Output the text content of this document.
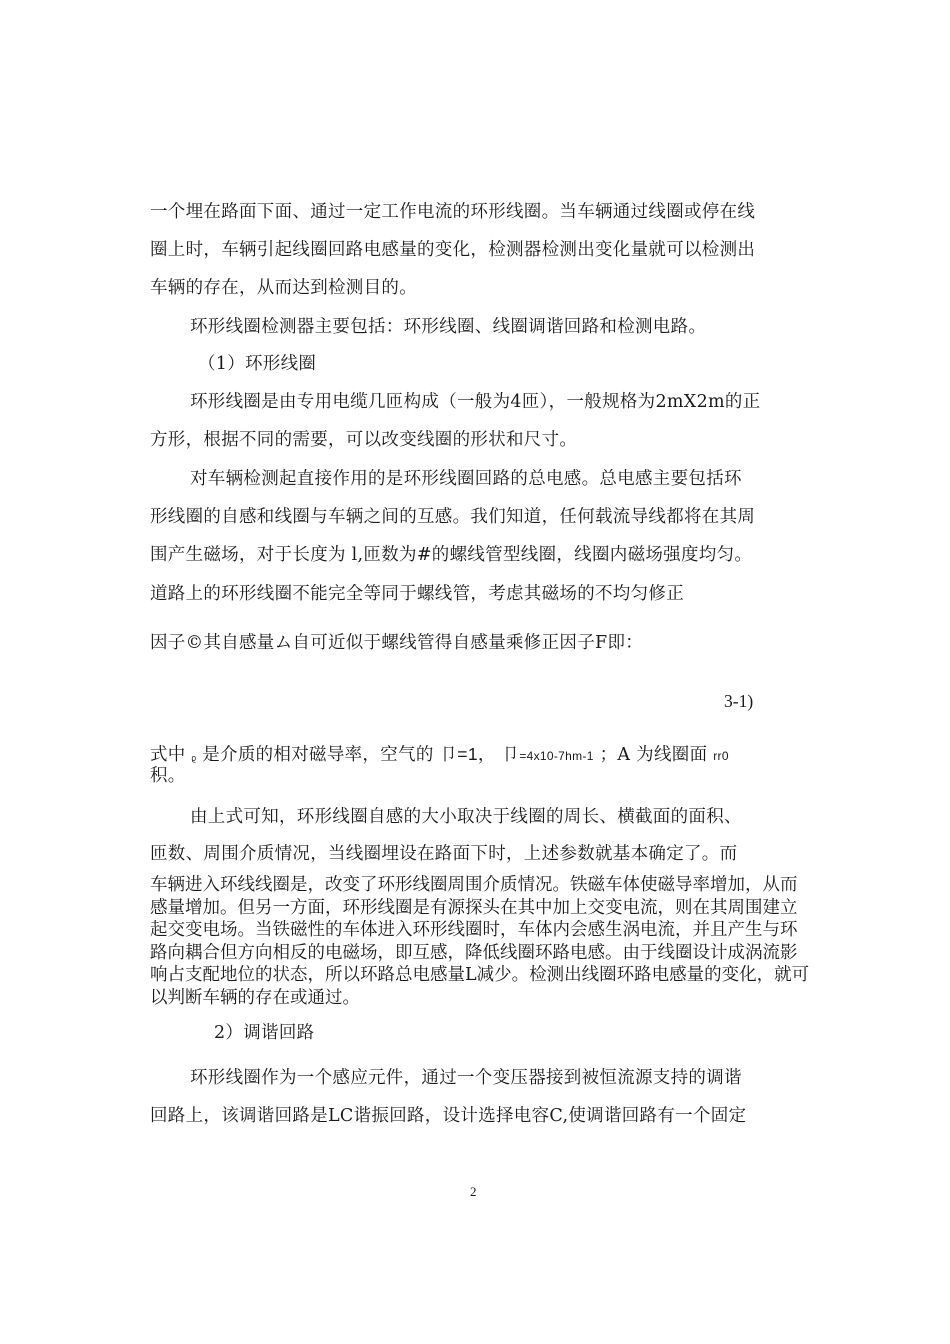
一个埋在路面下面、通过一定工作电流的环形线圈。当车辆通过线圈或停在线
圈上时，车辆引起线圈回路电感量的变化，检测器检测出变化量就可以检测出
车辆的存在，从而达到检测目的。
环形线圈检测器主要包括：环形线圈、线圈调谐回路和检测电路。
（1）环形线圈
环形线圈是由专用电缆几匝构成（一般为4匝），一般规格为2mX2m的正
方形，根据不同的需要，可以改变线圈的形状和尺寸。
对车辆检测起直接作用的是环形线圈回路的总电感。总电感主要包括环
形线圈的自感和线圈与车辆之间的互感。我们知道，任何载流导线都将在其周
围产生磁场，对于长度为 l,匝数为#的螺线管型线圈，线圈内磁场强度均匀。
道路上的环形线圈不能完全等同于螺线管，考虑其磁场的不均匀修正
因子©其自感量ム自可近似于螺线管得自感量乘修正因子F即：
3-1)
式中 ᵨ 是介质的相对磁导率，空气的 卩=1， 卩=4x10-7hm-1 ；A 为线圈面 rr0
积。
由上式可知，环形线圈自感的大小取决于线圈的周长、横截面的面积、
匝数、周围介质情况，当线圈埋设在路面下时，上述参数就基本确定了。而
车辆进入环线线圈是，改变了环形线圈周围介质情况。铁磁车体使磁导率增加，从而感量增加。但另一方面，环形线圈是有源探头在其中加上交变电流，则在其周围建立起交变电场。当铁磁性的车体进入环形线圈时，车体内会感生涡电流，并且产生与环路向耦合但方向相反的电磁场，即互感，降低线圈环路电感。由于线圈设计成涡流影响占支配地位的状态，所以环路总电感量L减少。检测出线圈环路电感量的变化，就可以判断车辆的存在或通过。
2）调谐回路
环形线圈作为一个感应元件，通过一个变压器接到被恒流源支持的调谐
回路上，该调谐回路是LC谐振回路，设计选择电容C,使调谐回路有一个固定
2
